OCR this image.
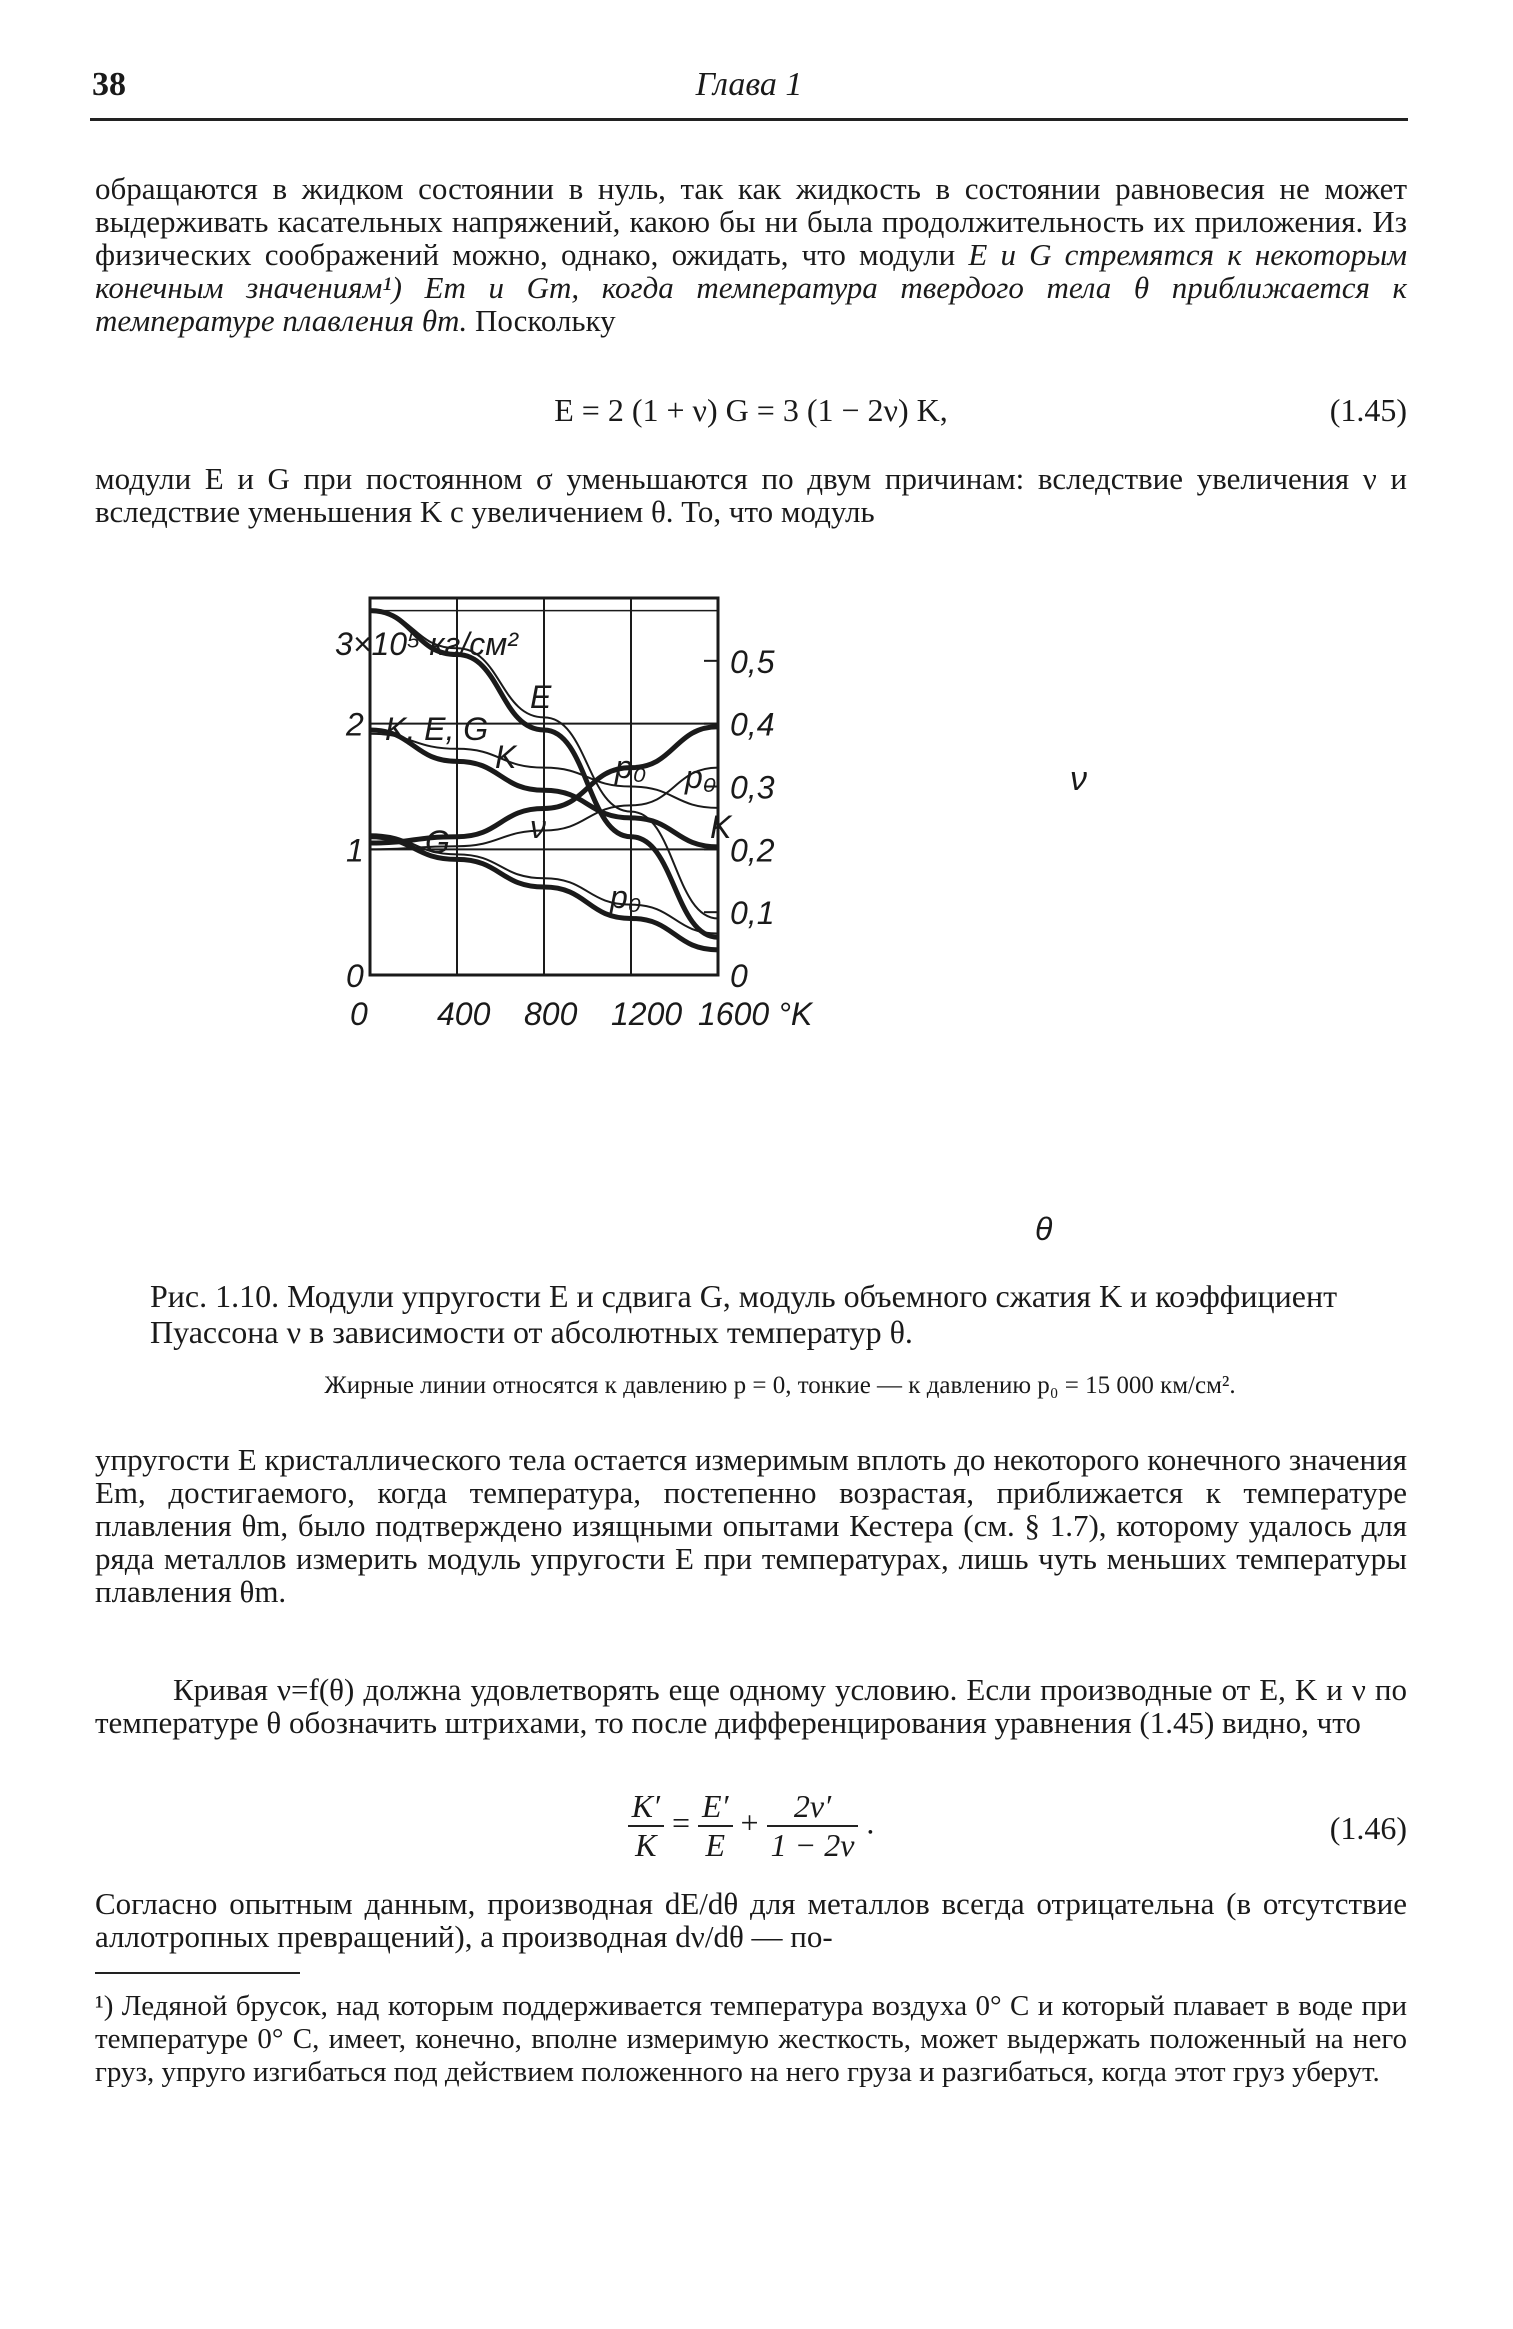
38	Глава 1

обращаются в жидком состоянии в нуль, так как жидкость в состоянии равновесия не может выдерживать касательных напряжений, какою бы ни была продолжительность их приложения. Из физических соображений можно, однако, ожидать, что модули E и G стремятся к некоторым конечным значениям¹) Em и Gm, когда температура твердого тела θ приближается к температуре плавления θm. Поскольку

E = 2 (1 + ν) G = 3 (1 − 2ν) K,	(1.45)

модули E и G при постоянном σ уменьшаются по двум причинам: вследствие увеличения ν и вследствие уменьшения K с увеличением θ. То, что модуль

0 400 800 1200 1600 °K
0
1
2
0
0,1
0,2
0,3
0,4
0,5
3×10⁵ кг/см²
K, E, G
ν
θ
E
K
G	ν
p₀ p₀
K
p₀

Рис. 1.10. Модули упругости E и сдвига G, модуль объемного сжатия K и коэффициент Пуассона ν в зависимости от абсолютных температур θ.

Жирные линии относятся к давлению p = 0, тонкие — к давлению p₀ = 15 000 км/см².

упругости E кристаллического тела остается измеримым вплоть до некоторого конечного значения Em, достигаемого, когда температура, постепенно возрастая, приближается к температуре плавления θm, было подтверждено изящными опытами Кестера (см. § 1.7), которому удалось для ряда металлов измерить модуль упругости E при температурах, лишь чуть меньших температуры плавления θm.

Кривая ν=f(θ) должна удовлетворять еще одному условию. Если производные от E, K и ν по температуре θ обозначить штрихами, то после дифференцирования уравнения (1.45) видно, что

$\frac{K'}{K} = \frac{E'}{E} + \frac{2\nu'}{1 - 2\nu}$ .	(1.46)

Согласно опытным данным, производная dE/dθ для металлов всегда отрицательна (в отсутствие аллотропных превращений), а производная dν/dθ — по-

¹) Ледяной брусок, над которым поддерживается температура воздуха 0° С и который плавает в воде при температуре 0° С, имеет, конечно, вполне измеримую жесткость, может выдержать положенный на него груз, упруго изгибаться под действием положенного на него груза и разгибаться, когда этот груз уберут.
